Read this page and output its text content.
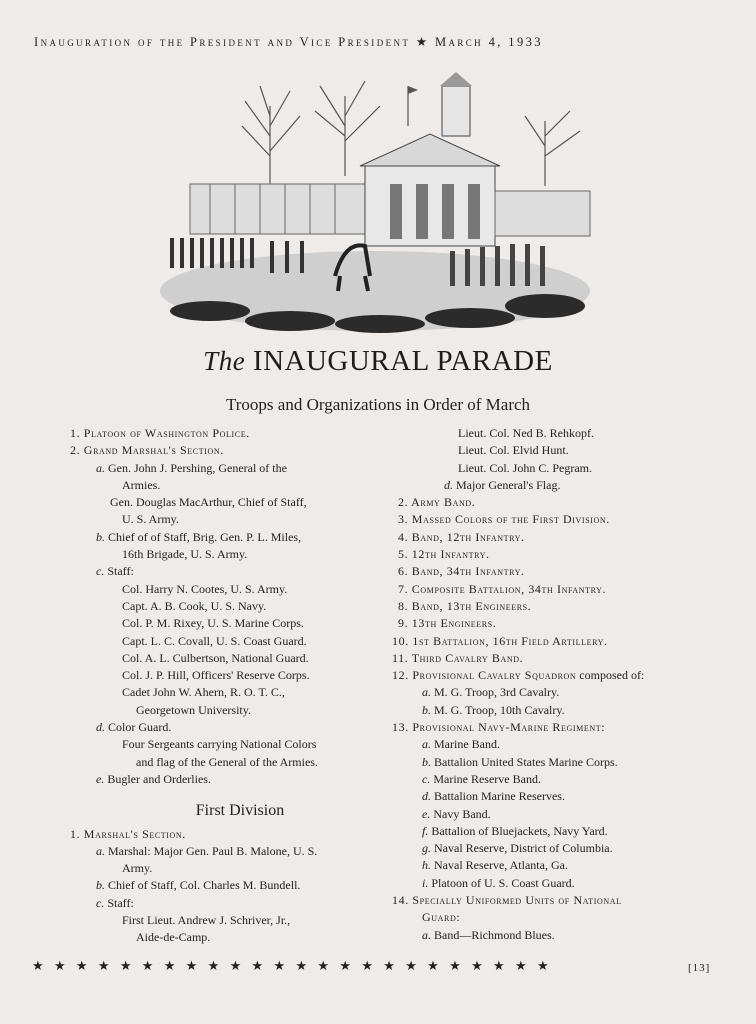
Inauguration of the President and Vice President ★ March 4, 1933
The INAUGURAL PARADE
Troops and Organizations in Order of March
1. Platoon of Washington Police.
2. Grand Marshal's Section.
a. Gen. John J. Pershing, General of the
Armies.
Gen. Douglas MacArthur, Chief of Staff,
U. S. Army.
b. Chief of of Staff, Brig. Gen. P. L. Miles,
16th Brigade, U. S. Army.
c. Staff:
Col. Harry N. Cootes, U. S. Army.
Capt. A. B. Cook, U. S. Navy.
Col. P. M. Rixey, U. S. Marine Corps.
Capt. L. C. Covall, U. S. Coast Guard.
Col. A. L. Culbertson, National Guard.
Col. J. P. Hill, Officers' Reserve Corps.
Cadet John W. Ahern, R. O. T. C.,
Georgetown University.
d. Color Guard.
Four Sergeants carrying National Colors
and flag of the General of the Armies.
e. Bugler and Orderlies.
First Division
1. Marshal's Section.
a. Marshal: Major Gen. Paul B. Malone, U. S.
Army.
b. Chief of Staff, Col. Charles M. Bundell.
c. Staff:
First Lieut. Andrew J. Schriver, Jr.,
Aide-de-Camp.
Lieut. Col. Ned B. Rehkopf.
Lieut. Col. Elvid Hunt.
Lieut. Col. John C. Pegram.
d. Major General's Flag.
2. Army Band.
3. Massed Colors of the First Division.
4. Band, 12th Infantry.
5. 12th Infantry.
6. Band, 34th Infantry.
7. Composite Battalion, 34th Infantry.
8. Band, 13th Engineers.
9. 13th Engineers.
10. 1st Battalion, 16th Field Artillery.
11. Third Cavalry Band.
12. Provisional Cavalry Squadron composed of:
a. M. G. Troop, 3rd Cavalry.
b. M. G. Troop, 10th Cavalry.
13. Provisional Navy-Marine Regiment:
a. Marine Band.
b. Battalion United States Marine Corps.
c. Marine Reserve Band.
d. Battalion Marine Reserves.
e. Navy Band.
f. Battalion of Bluejackets, Navy Yard.
g. Naval Reserve, District of Columbia.
h. Naval Reserve, Atlanta, Ga.
i. Platoon of U. S. Coast Guard.
14. Specially Uniformed Units of National
Guard:
a. Band—Richmond Blues.
★★★★★★★★★★★★★★★★★★★★★★★★	[13]
